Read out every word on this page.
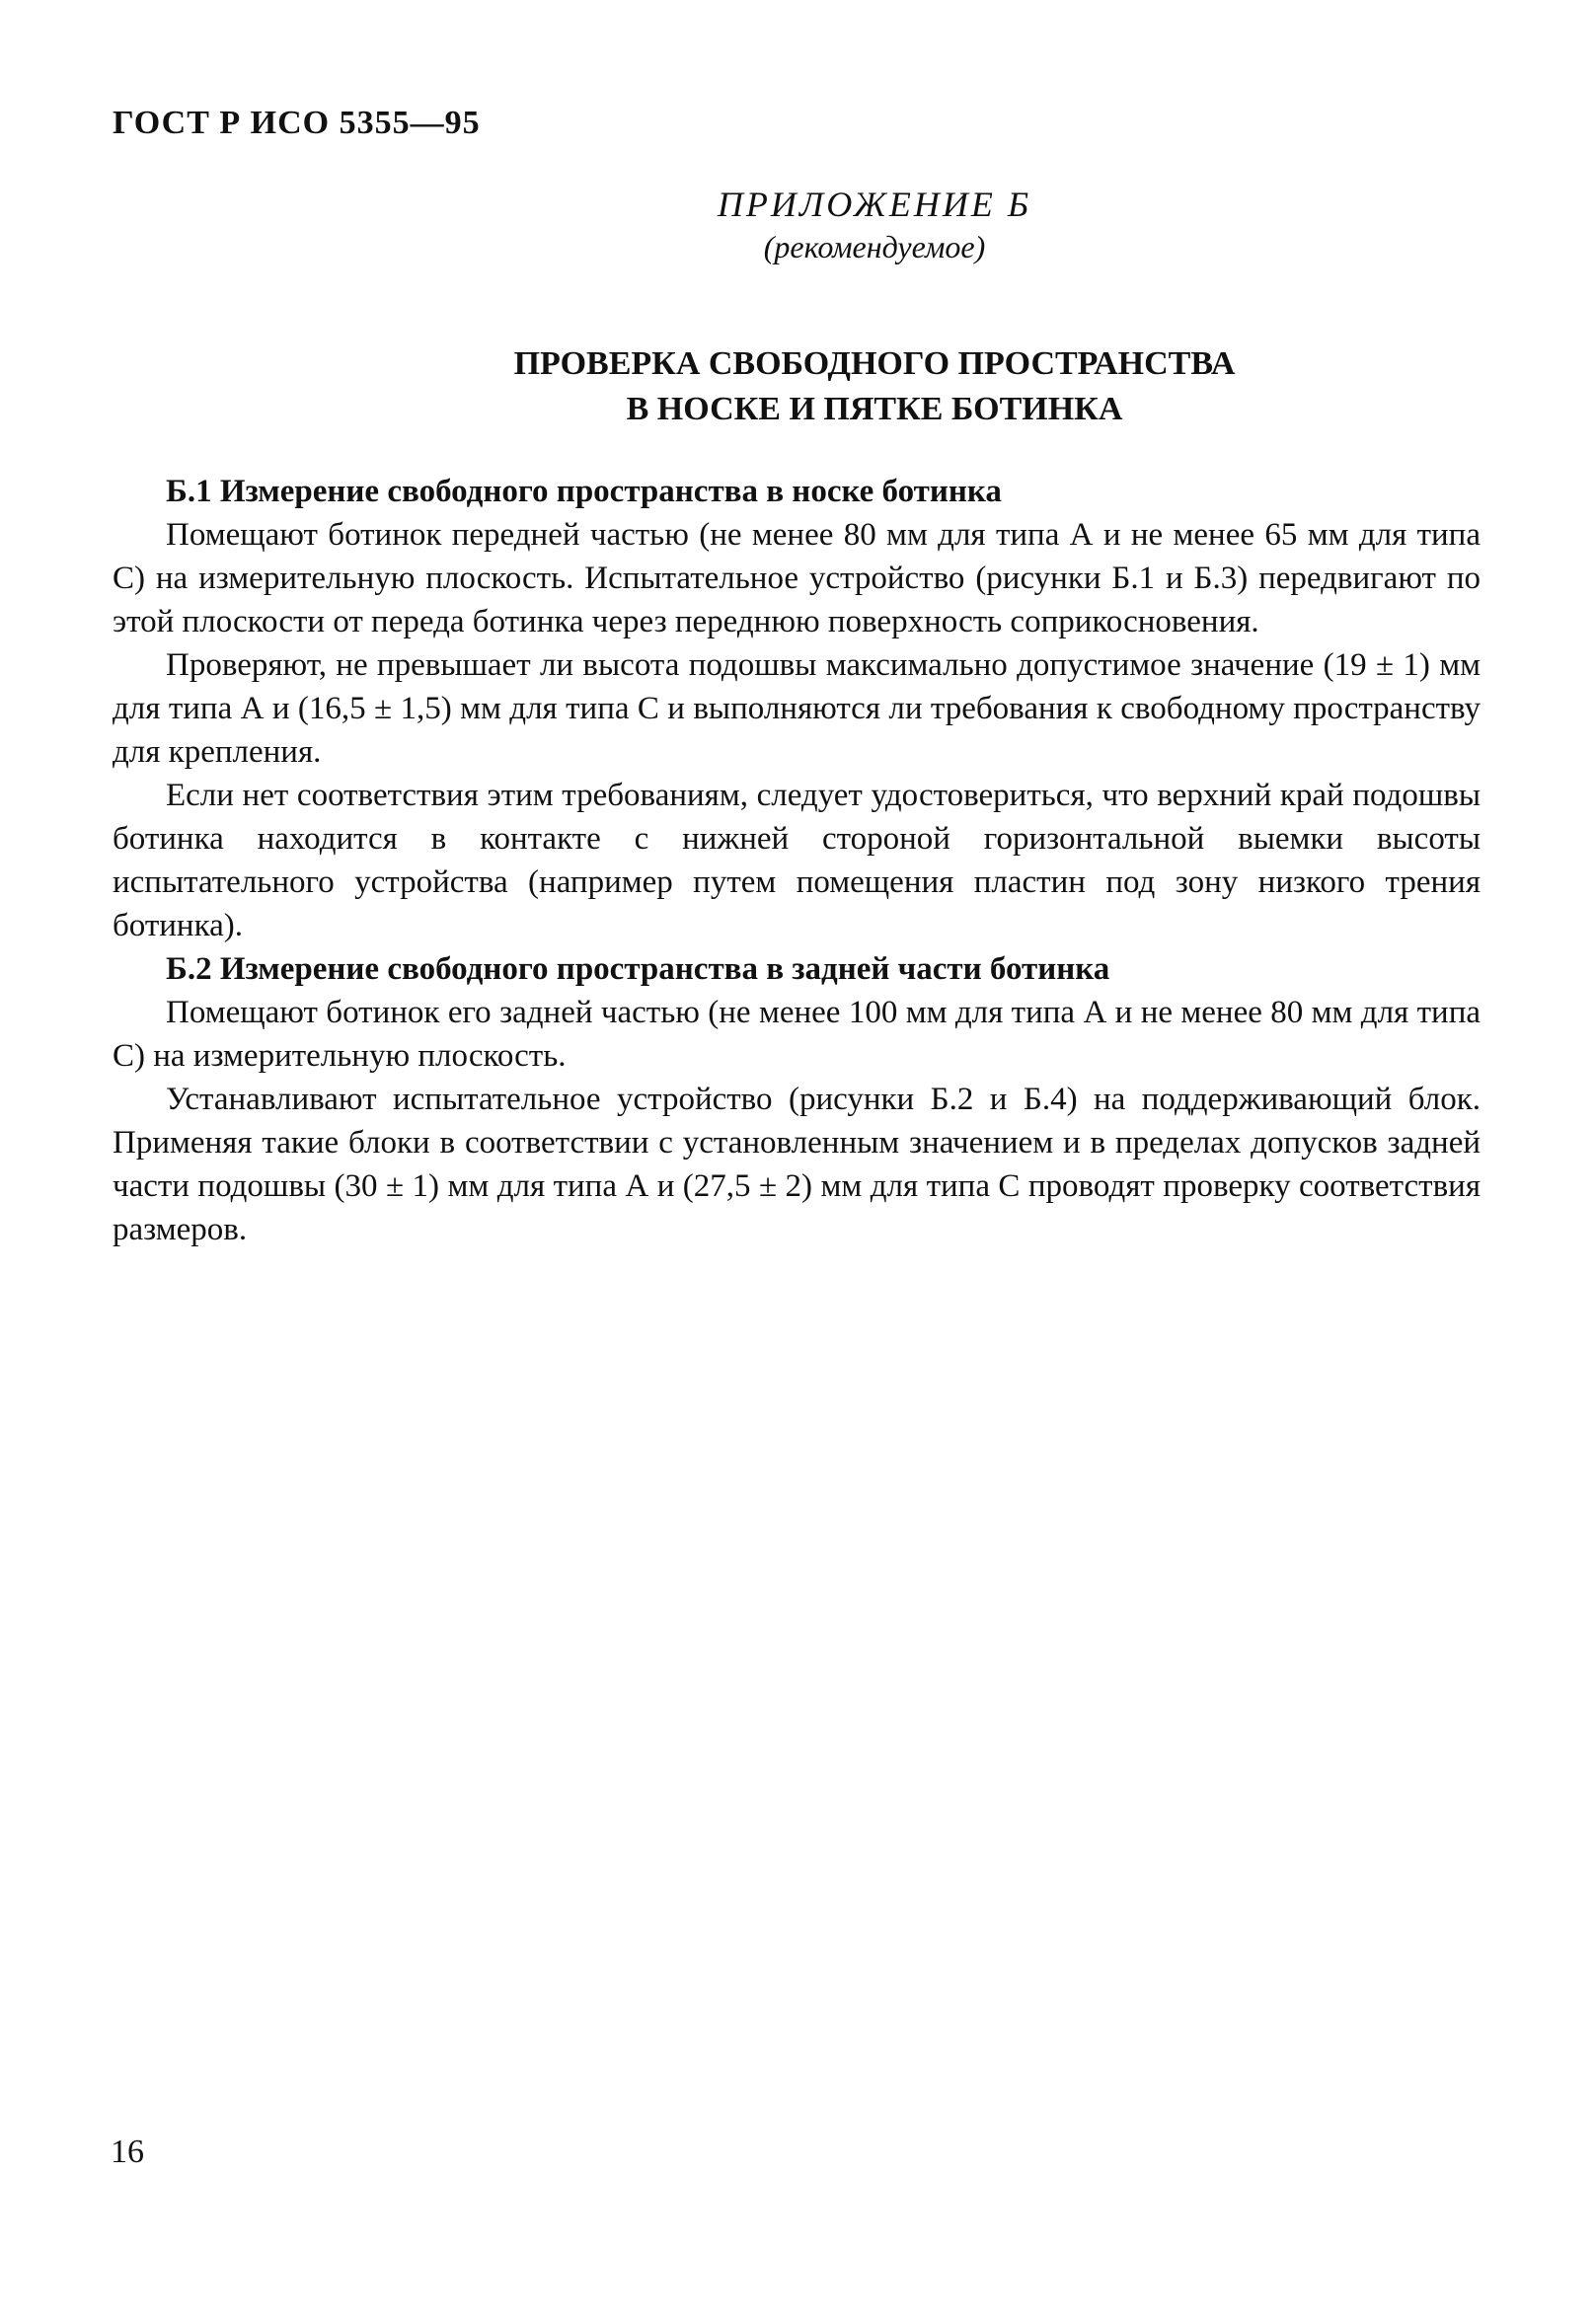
ГОСТ Р ИСО 5355—95
ПРИЛОЖЕНИЕ Б
(рекомендуемое)
ПРОВЕРКА СВОБОДНОГО ПРОСТРАНСТВА
В НОСКЕ И ПЯТКЕ БОТИНКА

Б.1 Измерение свободного пространства в носке ботинка

Помещают ботинок передней частью (не менее 80 мм для типа А и не менее 65 мм для типа С) на измерительную плоскость. Испытательное устройство (рисунки Б.1 и Б.3) передвигают по этой плоскости от переда ботинка через переднюю поверхность соприкосновения.

Проверяют, не превышает ли высота подошвы максимально допустимое значение (19 ± 1) мм для типа А и (16,5 ± 1,5) мм для типа С и выполняются ли требования к свободному пространству для крепления.

Если нет соответствия этим требованиям, следует удостовериться, что верхний край подошвы ботинка находится в контакте с нижней стороной горизонтальной выемки высоты испытательного устройства (например путем помещения пластин под зону низкого трения ботинка).

Б.2 Измерение свободного пространства в задней части ботинка

Помещают ботинок его задней частью (не менее 100 мм для типа А и не менее 80 мм для типа С) на измерительную плоскость.

Устанавливают испытательное устройство (рисунки Б.2 и Б.4) на поддерживающий блок. Применяя такие блоки в соответствии с установленным значением и в пределах допусков задней части подошвы (30 ± 1) мм для типа А и (27,5 ± 2) мм для типа С проводят проверку соответствия размеров.

16
